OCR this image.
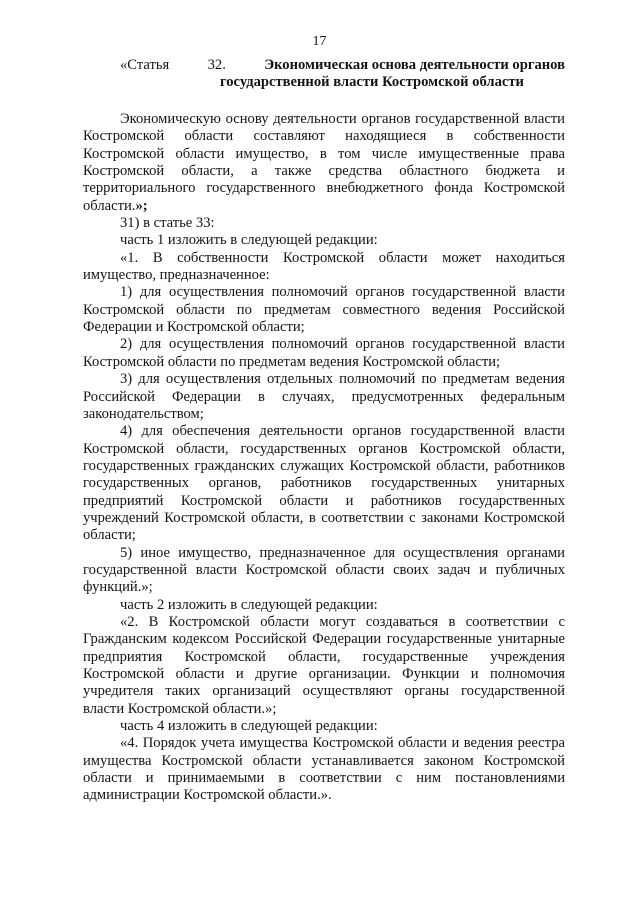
17
«Статья	32.	Экономическая основа деятельности органов
государственной власти Костромской области

Экономическую основу деятельности органов государственной власти Костромской области составляют находящиеся в собственности Костромской области имущество, в том числе имущественные права Костромской области, а также средства областного бюджета и территориального государственного внебюджетного фонда Костромской области.»;

31) в статье 33:

часть 1 изложить в следующей редакции:

«1. В собственности Костромской области может находиться имущество, предназначенное:

1) для осуществления полномочий органов государственной власти Костромской области по предметам совместного ведения Российской Федерации и Костромской области;

2) для осуществления полномочий органов государственной власти Костромской области по предметам ведения Костромской области;

3) для осуществления отдельных полномочий по предметам ведения Российской Федерации в случаях, предусмотренных федеральным законодательством;

4) для обеспечения деятельности органов государственной власти Костромской области, государственных органов Костромской области, государственных гражданских служащих Костромской области, работников государственных органов, работников государственных унитарных предприятий Костромской области и работников государственных учреждений Костромской области, в соответствии с законами Костромской области;

5) иное имущество, предназначенное для осуществления органами государственной власти Костромской области своих задач и публичных функций.»;

часть 2 изложить в следующей редакции:

«2. В Костромской области могут создаваться в соответствии с Гражданским кодексом Российской Федерации государственные унитарные предприятия Костромской области, государственные учреждения Костромской области и другие организации. Функции и полномочия учредителя таких организаций осуществляют органы государственной власти Костромской области.»;

часть 4 изложить в следующей редакции:

«4. Порядок учета имущества Костромской области и ведения реестра имущества Костромской области устанавливается законом Костромской области и принимаемыми в соответствии с ним постановлениями администрации Костромской области.».
